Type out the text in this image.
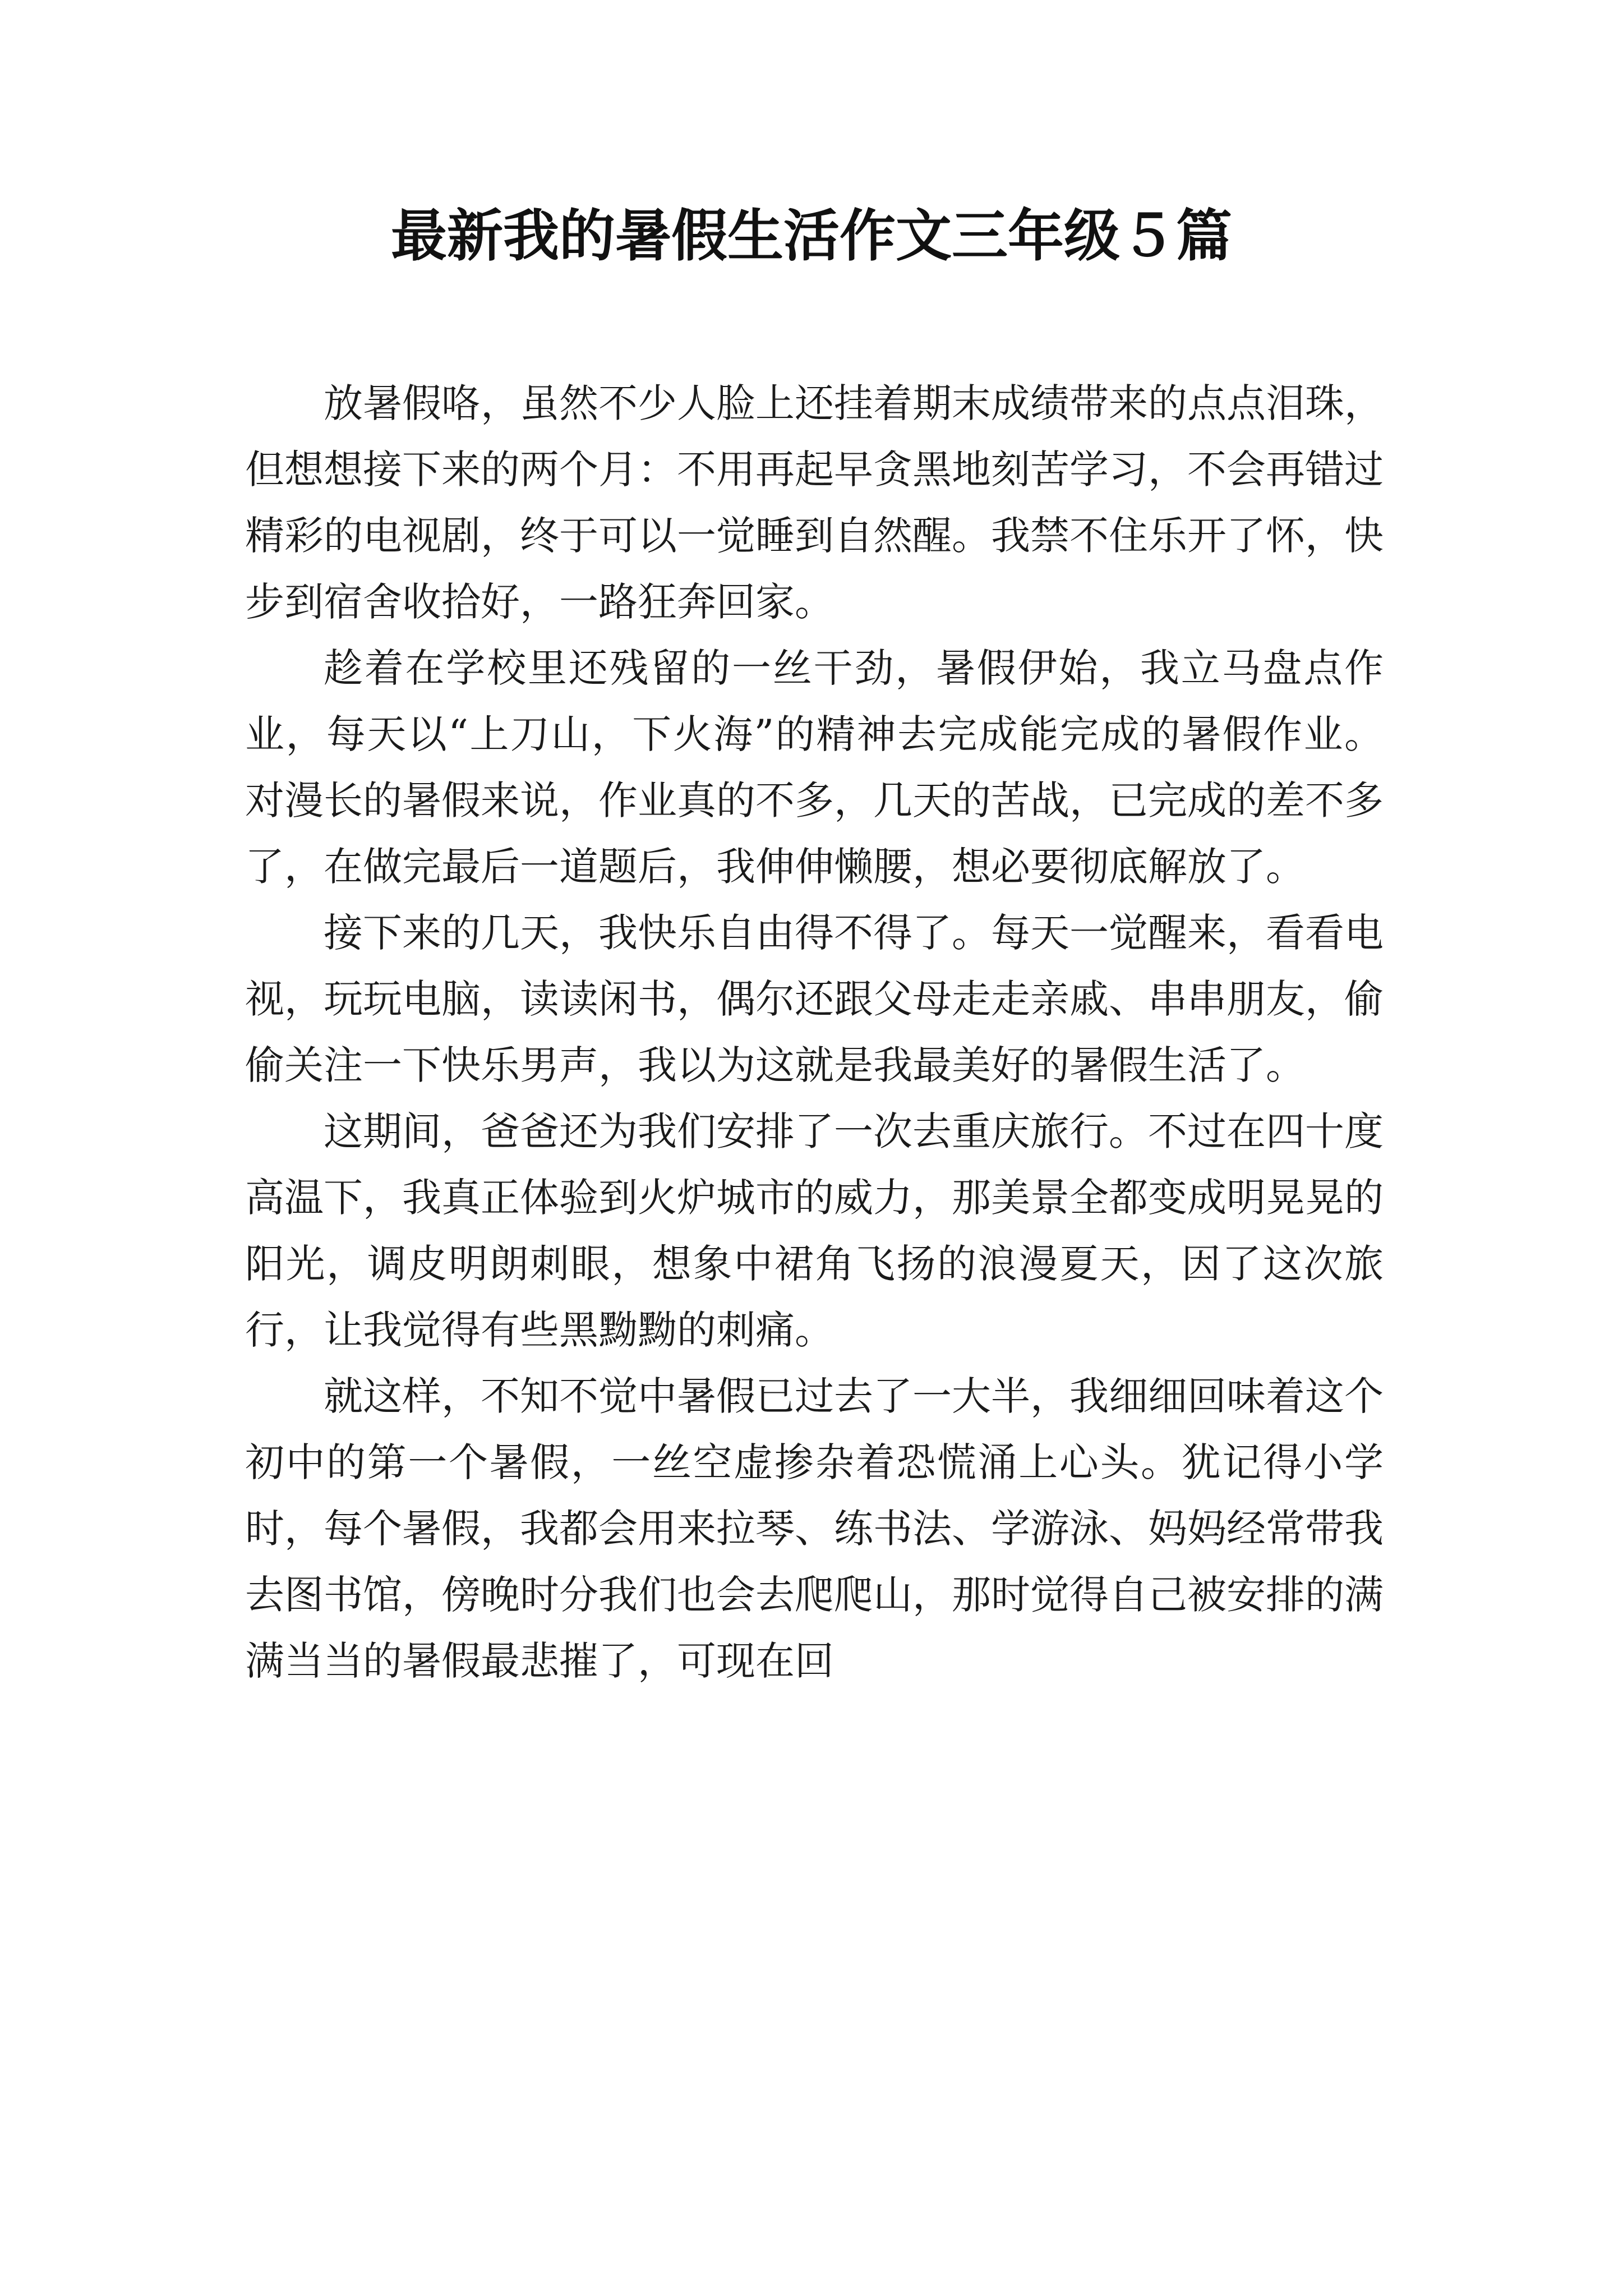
最新我的暑假生活作文三年级５篇

放暑假咯，虽然不少人脸上还挂着期末成绩带来的点点泪珠，但想想接下来的两个月：不用再起早贪黑地刻苦学习，不会再错过精彩的电视剧，终于可以一觉睡到自然醒。我禁不住乐开了怀，快步到宿舍收拾好，一路狂奔回家。

趁着在学校里还残留的一丝干劲，暑假伊始，我立马盘点作业，每天以“上刀山，下火海”的精神去完成能完成的暑假作业。对漫长的暑假来说，作业真的不多，几天的苦战，已完成的差不多了，在做完最后一道题后，我伸伸懒腰，想必要彻底解放了。

接下来的几天，我快乐自由得不得了。每天一觉醒来，看看电视，玩玩电脑，读读闲书，偶尔还跟父母走走亲戚、串串朋友，偷偷关注一下快乐男声，我以为这就是我最美好的暑假生活了。

这期间，爸爸还为我们安排了一次去重庆旅行。不过在四十度高温下，我真正体验到火炉城市的威力，那美景全都变成明晃晃的阳光，调皮明朗刺眼，想象中裙角飞扬的浪漫夏天，因了这次旅行，让我觉得有些黑黝黝的刺痛。

就这样，不知不觉中暑假已过去了一大半，我细细回味着这个初中的第一个暑假，一丝空虚掺杂着恐慌涌上心头。犹记得小学时，每个暑假，我都会用来拉琴、练书法、学游泳、妈妈经常带我去图书馆，傍晚时分我们也会去爬爬山，那时觉得自己被安排的满满当当的暑假最悲摧了，可现在回
